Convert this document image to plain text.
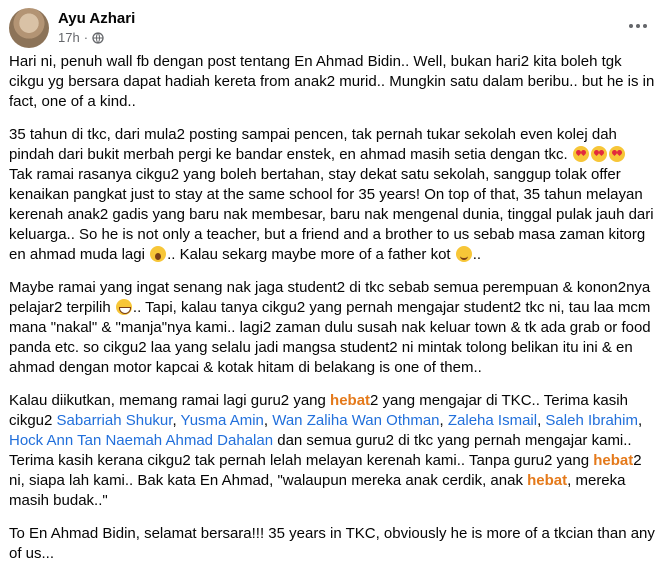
Ayu Azhari
17h ·

Hari ni, penuh wall fb dengan post tentang En Ahmad Bidin.. Well, bukan hari2 kita boleh tgk cikgu yg bersara dapat hadiah kereta from anak2 murid.. Mungkin satu dalam beribu.. but he is in fact, one of a kind..

35 tahun di tkc, dari mula2 posting sampai pencen, tak pernah tukar sekolah even kolej dah pindah dari bukit merbah pergi ke bandar enstek, en ahmad masih setia dengan tkc.
Tak ramai rasanya cikgu2 yang boleh bertahan, stay dekat satu sekolah, sanggup tolak offer kenaikan pangkat just to stay at the same school for 35 years! On top of that, 35 tahun melayan kerenah anak2 gadis yang baru nak membesar, baru nak mengenal dunia, tinggal pulak jauh dari keluarga.. So he is not only a teacher, but a friend and a brother to us sebab masa zaman kitorg en ahmad muda lagi .. Kalau sekarg maybe more of a father kot ..

Maybe ramai yang ingat senang nak jaga student2 di tkc sebab semua perempuan & konon2nya pelajar2 terpilih .. Tapi, kalau tanya cikgu2 yang pernah mengajar student2 tkc ni, tau laa mcm mana "nakal" & "manja"nya kami.. lagi2 zaman dulu susah nak keluar town & tk ada grab or food panda etc. so cikgu2 laa yang selalu jadi mangsa student2 ni mintak tolong belikan itu ini & en ahmad dengan motor kapcai & kotak hitam di belakang is one of them..

Kalau diikutkan, memang ramai lagi guru2 yang hebat2 yang mengajar di TKC.. Terima kasih cikgu2 Sabarriah Shukur, Yusma Amin, Wan Zaliha Wan Othman, Zaleha Ismail, Saleh Ibrahim, Hock Ann Tan Naemah Ahmad Dahalan dan semua guru2 di tkc yang pernah mengajar kami..
Terima kasih kerana cikgu2 tak pernah lelah melayan kerenah kami.. Tanpa guru2 yang hebat2 ni, siapa lah kami.. Bak kata En Ahmad, "walaupun mereka anak cerdik, anak hebat, mereka masih budak.."

To En Ahmad Bidin, selamat bersara!!! 35 years in TKC, obviously he is more of a tkcian than any of us...
